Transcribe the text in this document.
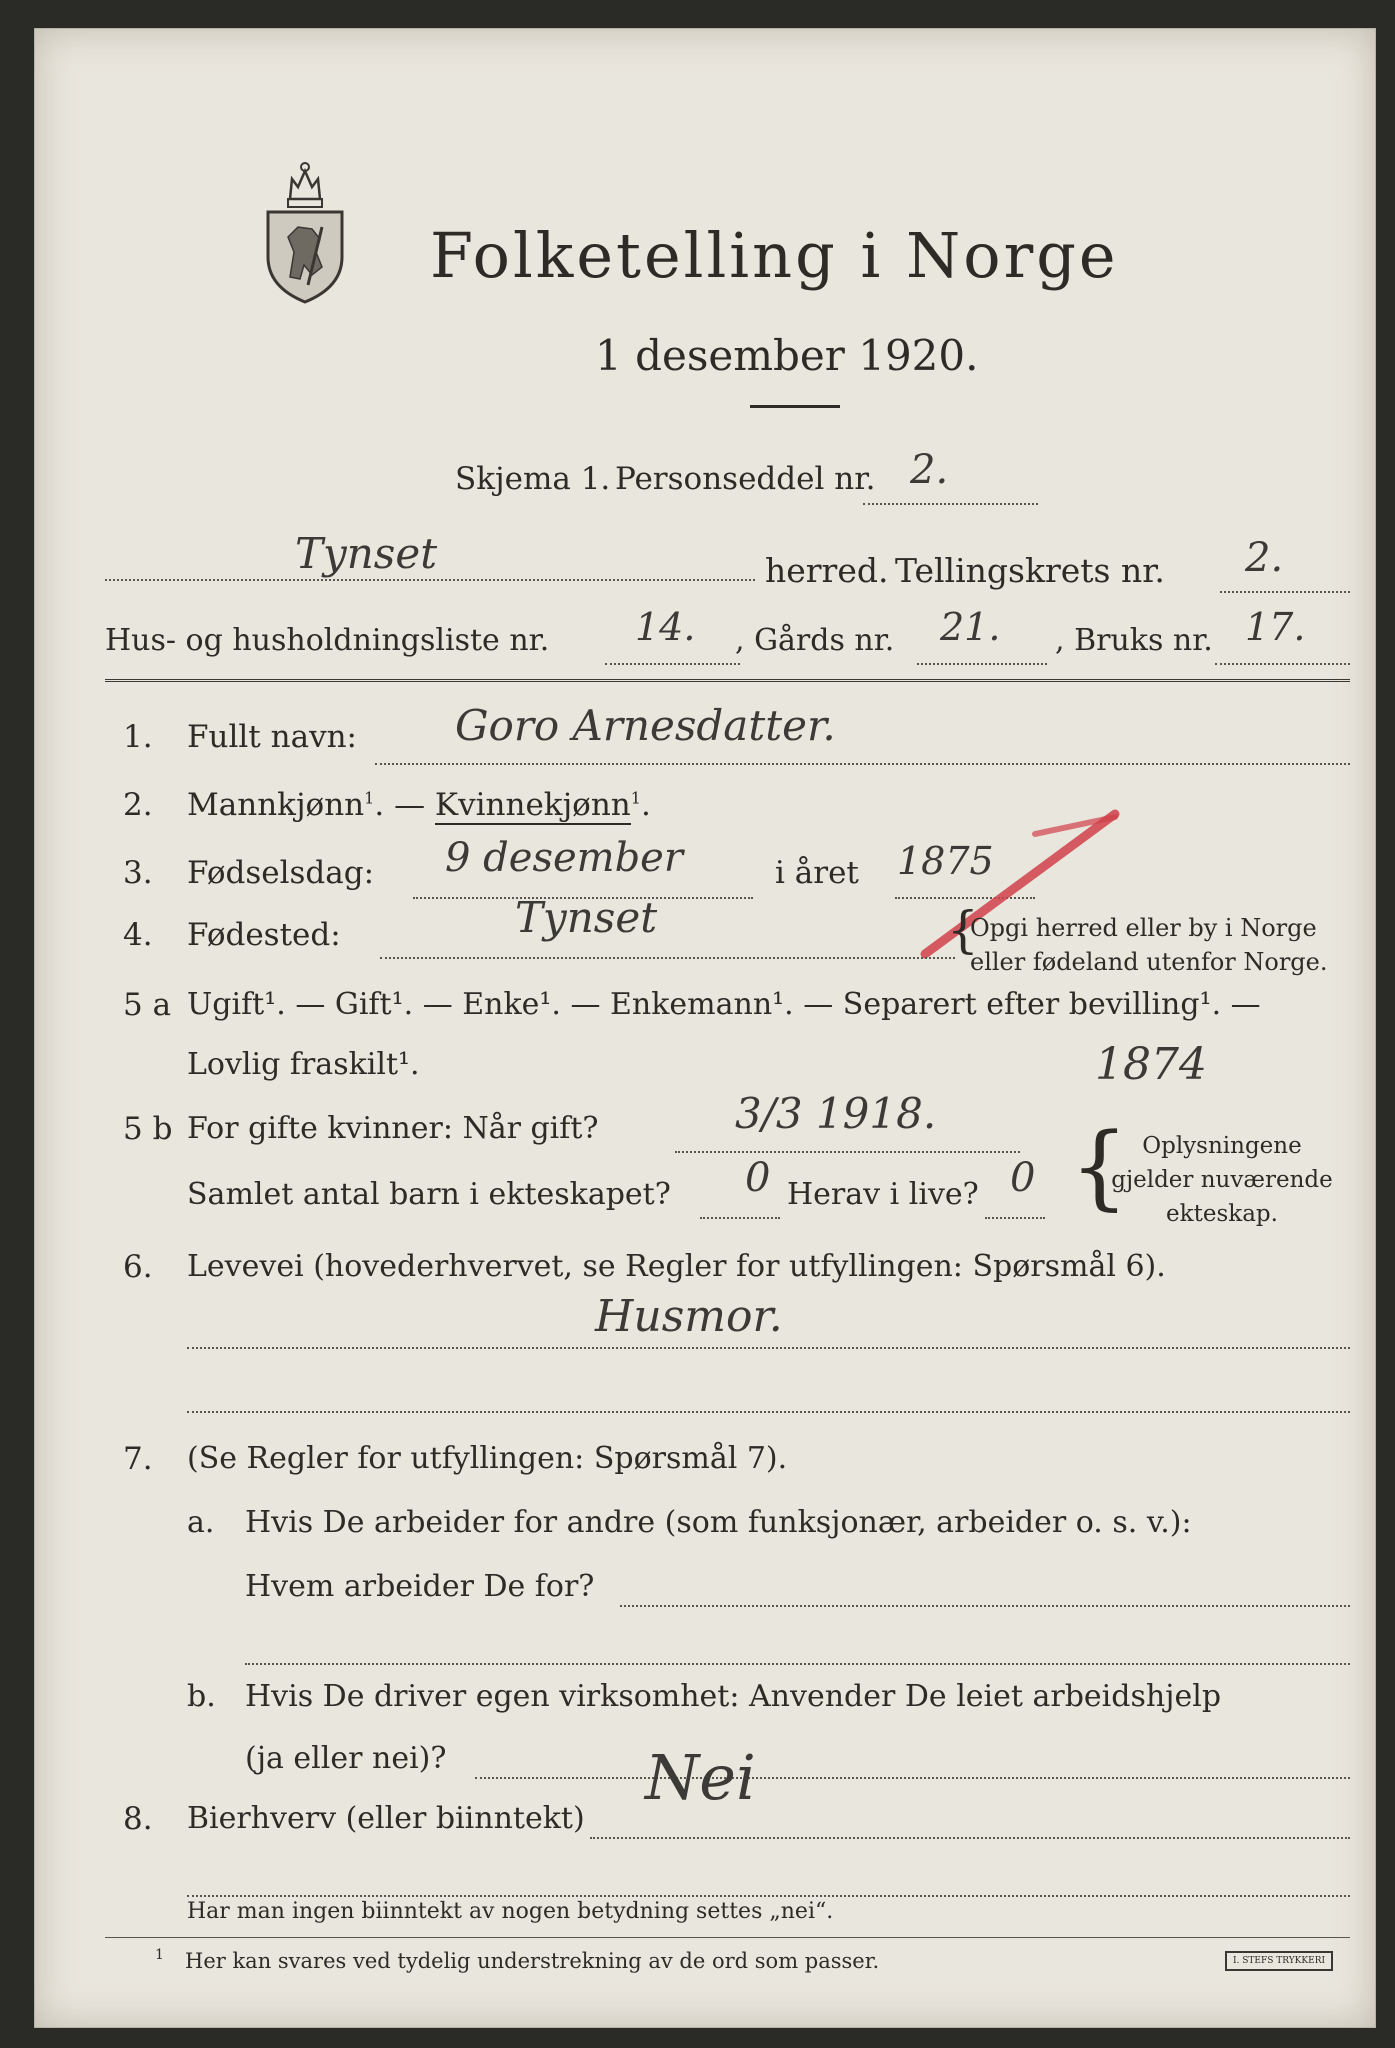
Folketelling i Norge
1 desember 1920.
Skjema 1. Personseddel nr. 2.
Tynset	herred. Tellingskrets nr. 2.
Hus- og husholdningsliste nr. 14. , Gårds nr. 21. , Bruks nr. 17.
1. Fullt navn: Goro Arnesdatter.
2. Mannkjønn$^1$. — Kvinnekjønn$^1$.
3. Fødselsdag: 9 desember	i året 1875
4. Fødested:	Tynset	{
Opgi herred eller by i Norge
eller fødeland utenfor Norge.
5 a Ugift¹. — Gift¹. — Enke¹. — Enkemann¹. — Separert efter bevilling¹. —
Lovlig fraskilt¹.	1874
5 b For gifte kvinner: Når gift?	3/3 1918.
Samlet antal barn i ekteskapet? 0 Herav i live? 0 { Oplysningene
gjelder nuværende
ekteskap.
6. Levevei (hovederhvervet, se Regler for utfyllingen: Spørsmål 6).
Husmor.
7. (Se Regler for utfyllingen: Spørsmål 7).
a. Hvis De arbeider for andre (som funksjonær, arbeider o. s. v.):
Hvem arbeider De for?
b. Hvis De driver egen virksomhet: Anvender De leiet arbeidshjelp
(ja eller nei)?
8. Bierhverv (eller biinntekt)
Nei
Har man ingen biinntekt av nogen betydning settes „nei“.
1 Her kan svares ved tydelig understrekning av de ord som passer.	I. STEFS TRYKKERI
